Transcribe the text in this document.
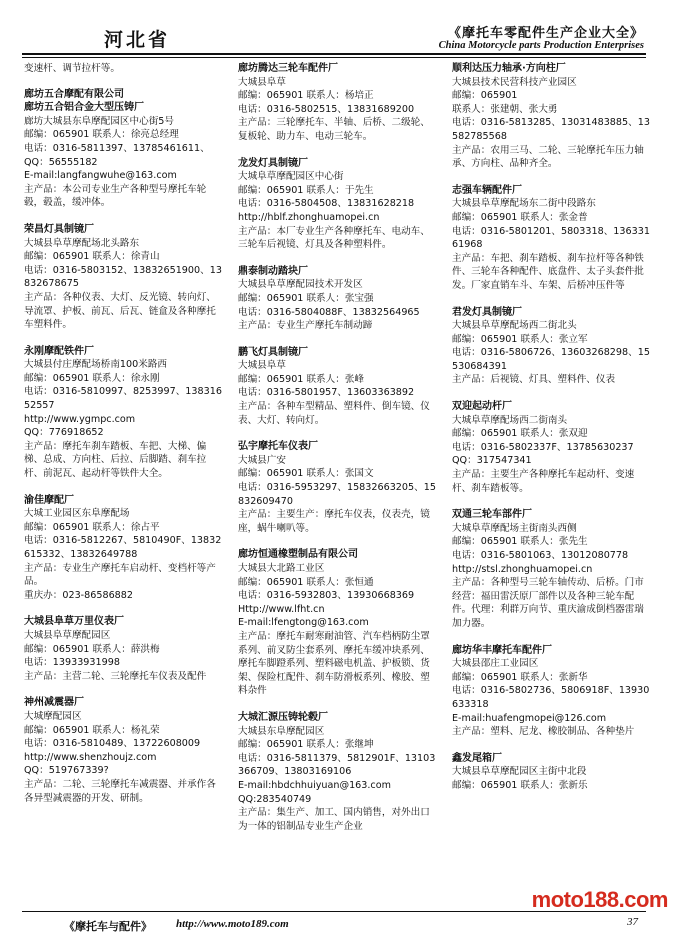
河北省	《摩托车零配件生产企业大全》
China Motorcycle parts Production Enterprises

变速杆、调节拉杆等。

廊坊五合摩配有限公司

廊坊五合铝合金大型压铸厂

廊坊大城县东阜摩配园区中心街5号

邮编：065901 联系人：徐亮总经理

电话：0316-5811397、13785461611、

QQ：56555182

E-mail:langfangwuhe@163.com

主产品：本公司专业生产各种型号摩托车轮毂，毂盖，缓冲体。

荣昌灯具制镜厂

大城县阜草摩配场北头路东

邮编：065901 联系人：徐青山

电话：0316-5803152、13832651900、13832678675

主产品：各种仪表、大灯、反光镜、转向灯、导流罩、护板、前瓦、后瓦、链盒及各种摩托车塑料件。

永刚摩配铁件厂

大城县付庄摩配场桥南100米路西

邮编：065901 联系人：徐永刚

电话：0316-5810997、8253997、13831652557

http://www.ygmpc.com

QQ：776918652

主产品：摩托车刹车踏板、车把、大梯、偏梯、总成、方向柱、后拉、后脚踏、刹车拉杆、前泥瓦、起动杆等铁件大全。

渝佳摩配厂

大城工业园区东阜摩配场

邮编：065901 联系人：徐占平

电话：0316-5812267、5810490F、13832615332、13832649788

主产品：专业生产摩托车启动杆、变档杆等产品。

重庆办：023-86586882

大城县阜草万里仪表厂

大城县阜草摩配园区

邮编：065901 联系人：薛洪梅

电话：13933931998

主产品：主营二轮、三轮摩托车仪表及配件

神州减震器厂

大城摩配园区

邮编：065901 联系人：杨礼荣

电话：0316-5810489、13722608009

http://www.shenzhoujz.com

QQ：519767339?

主产品：二轮、三轮摩托车减震器、并承作各各异型减震器的开发、研制。

廊坊腾达三轮车配件厂

大城县阜草

邮编：065901 联系人：杨培正

电话：0316-5802515、13831689200

主产品：三轮摩托车、半轴、后桥、二级轮、复板轮、助力车、电动三轮车。

龙发灯具制镜厂

大城阜草摩配园区中心街

邮编：065901 联系人：于先生

电话：0316-5804508、13831628218

http://hblf.zhonghuamopei.cn

主产品：本厂专业生产各种摩托车、电动车、三轮车后视镜、灯具及各种塑料件。

鼎泰制动踏块厂

大城县阜草摩配园技术开发区

邮编：065901 联系人：张宝强

电话：0316-5804088F、13832564965

主产品：专业生产摩托车制动蹄

鹏飞灯具制镜厂

大城县阜草

邮编：065901 联系人：张峰

电话：0316-5801957、13603363892

主产品：各种车型精品、塑料件、倒车镜、仪表、大灯、转向灯。

弘宇摩托车仪表厂

大城县广安

邮编：065901 联系人：张国文

电话：0316-5953297、15832663205、15832609470

主产品：主要生产：摩托车仪表，仪表壳，镜座，蜗牛喇叭等。

廊坊恒通橡塑制品有限公司

大城县大北路工业区

邮编：065901 联系人：张恒通

电话：0316-5932803、13930668369

Http://www.lfht.cn

E-mail:lfengtong@163.com

主产品：摩托车耐寒耐油管、汽车档柄防尘罩系列、前叉防尘套系列、摩托车缓冲块系列、摩托车脚蹬系列、塑料磁电机盖、护板锁、货架、保险杠配件、刹车防滑板系列、橡胶、塑料杂件

大城汇源压铸轮毂厂

大城县东阜摩配园区

邮编：065901 联系人：张继坤

电话：0316-5811379、5812901F、13103366709、13803169106

E-mail:hbdchhuiyuan@163.com

QQ:283540749

主产品：集生产、加工、国内销售，对外出口为一体的铝制品专业生产企业

顺利达压力轴承·方向柱厂

大城县技术民营科技产业园区

邮编：065901

联系人：张建朝、张大勇

电话：0316-5813285、13031483885、13582785568

主产品：农用三马、二轮、三轮摩托车压力轴承、方向柱、品种齐全。

志强车辆配件厂

大城县阜草摩配场东二街中段路东

邮编：065901 联系人：张金普

电话：0316-5801201、5803318、13633161968

主产品：车把、刹车踏板、刹车拉杆等各种铁件、三轮车各种配件、底盘件、太子头套件批发。厂家直销车斗、车架、后桥冲压件等

君发灯具制镜厂

大城县阜草摩配场西二街北头

邮编：065901 联系人：张立军

电话：0316-5806726、13603268298、15530684391

主产品：后视镜、灯具、塑料件、仪表

双迎起动杆厂

大城阜草摩配场西二街南头

邮编：065901 联系人：张双迎

电话：0316-5802337F、13785630237

QQ：317547341

主产品：主要生产各种摩托车起动杆、变速杆、刹车踏板等。

双通三轮车部件厂

大城阜草摩配场主街南头西侧

邮编：065901 联系人：张先生

电话：0316-5801063、13012080778

http://stsl.zhonghuamopei.cn

主产品：各种型号三轮车轴传动、后桥。门市经营：福田雷沃原厂部件以及各种三轮车配件。代理：利群万向节、重庆渝成倒档器雷瑞加力器。

廊坊华丰摩托车配件厂

大城县邵庄工业园区

邮编：065901 联系人：张新华

电话：0316-5802736、5806918F、13930633318

E-mail:huafengmopei@126.com

主产品：塑料、尼龙、橡胶制品、各种垫片

鑫发尾箱厂

大城县阜草摩配园区主街中北段

邮编：065901 联系人：张新乐

《摩托车与配件》 http://www.moto189.com	37
moto188.com
